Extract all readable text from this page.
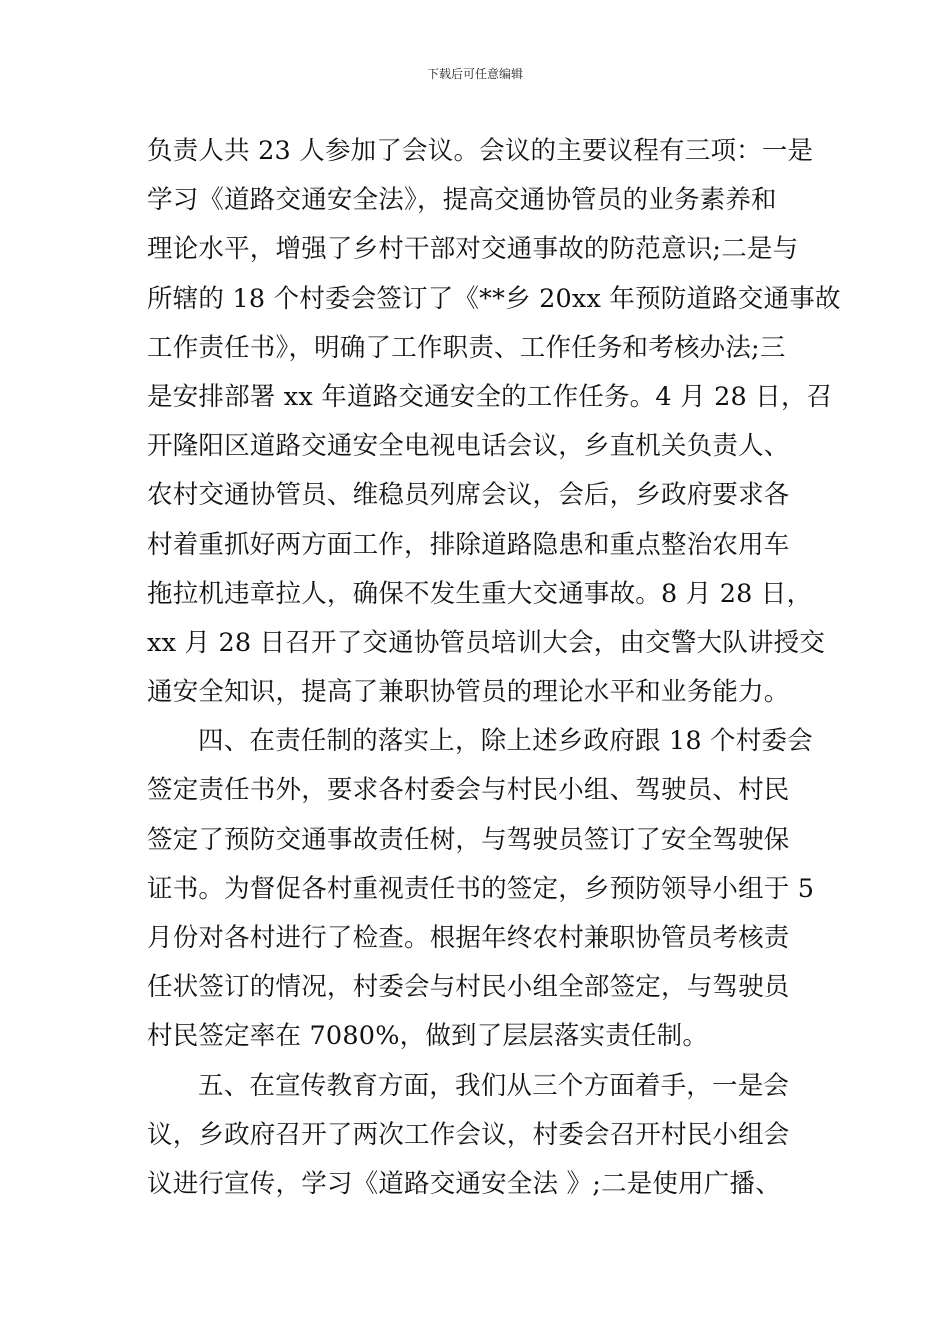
下载后可任意编辑
负责人共 23 人参加了会议。会议的主要议程有三项：一是
学习《道路交通安全法》，提高交通协管员的业务素养和
理论水平，增强了乡村干部对交通事故的防范意识;二是与
所辖的 18 个村委会签订了《**乡 20xx 年预防道路交通事故
工作责任书》，明确了工作职责、工作任务和考核办法;三
是安排部署 xx 年道路交通安全的工作任务。4 月 28 日，召
开隆阳区道路交通安全电视电话会议，乡直机关负责人、
农村交通协管员、维稳员列席会议，会后，乡政府要求各
村着重抓好两方面工作，排除道路隐患和重点整治农用车
拖拉机违章拉人，确保不发生重大交通事故。8 月 28 日，
xx 月 28 日召开了交通协管员培训大会，由交警大队讲授交
通安全知识，提高了兼职协管员的理论水平和业务能力。
四、在责任制的落实上，除上述乡政府跟 18 个村委会
签定责任书外，要求各村委会与村民小组、驾驶员、村民
签定了预防交通事故责任树，与驾驶员签订了安全驾驶保
证书。为督促各村重视责任书的签定，乡预防领导小组于 5
月份对各村进行了检查。根据年终农村兼职协管员考核责
任状签订的情况，村委会与村民小组全部签定，与驾驶员
村民签定率在 7080%，做到了层层落实责任制。
五、在宣传教育方面，我们从三个方面着手，一是会
议，乡政府召开了两次工作会议，村委会召开村民小组会
议进行宣传，学习《道路交通安全法 》;二是使用广播、
